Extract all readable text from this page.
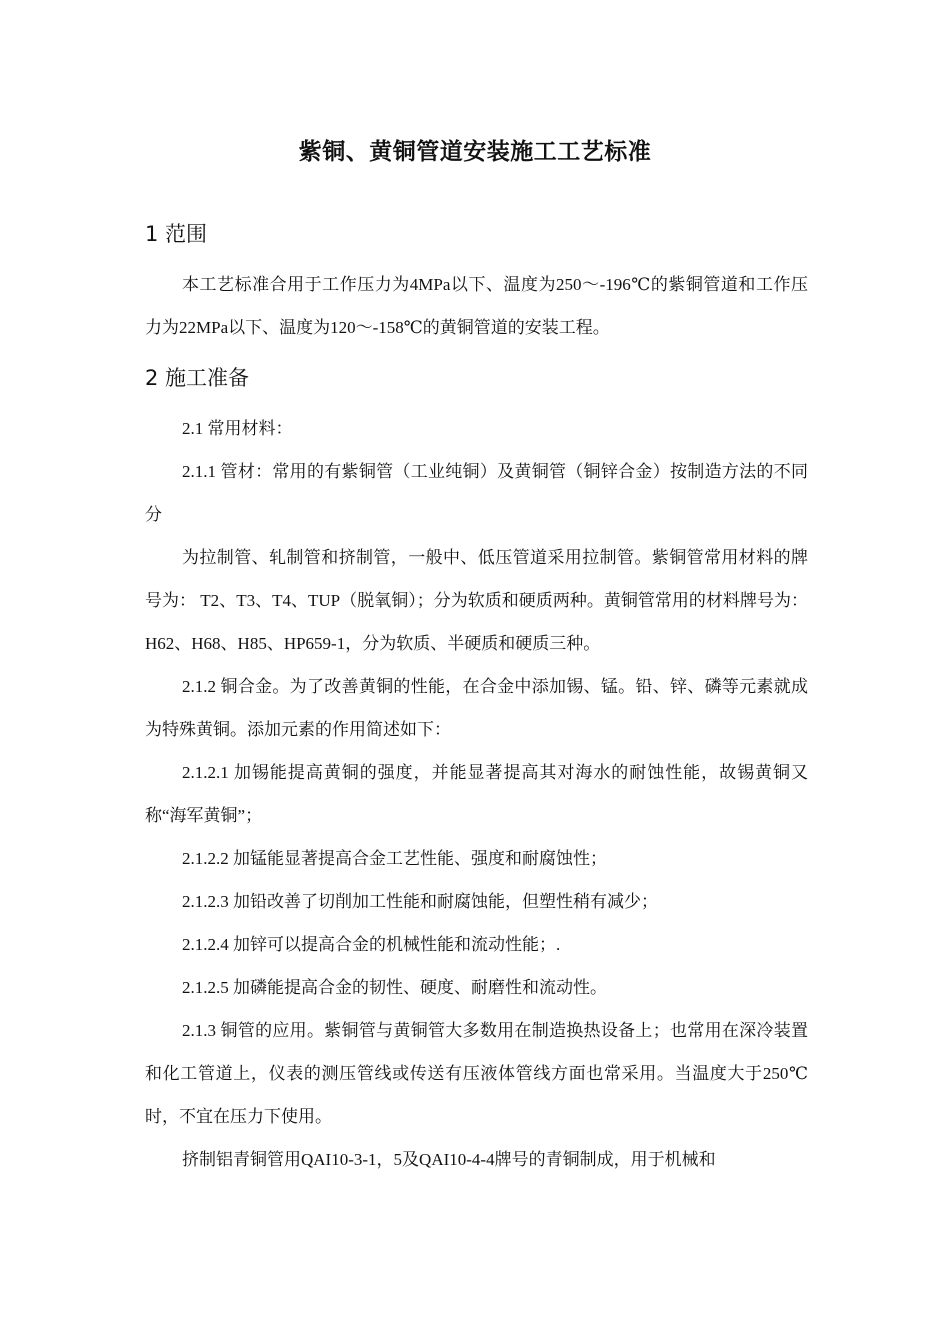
紫铜、黄铜管道安装施工工艺标准
1 范围

本工艺标准合用于工作压力为4MPa以下、温度为250～-196℃的紫铜管道和工作压力为22MPa以下、温度为120～-158℃的黄铜管道的安装工程。

2 施工准备

2.1 常用材料：

2.1.1 管材：常用的有紫铜管（工业纯铜）及黄铜管（铜锌合金）按制造方法的不同分

为拉制管、轧制管和挤制管，一般中、低压管道采用拉制管。紫铜管常用材料的牌号为： T2、T3、T4、TUP（脱氧铜）；分为软质和硬质两种。黄铜管常用的材料牌号为：H62、H68、H85、HP659-1，分为软质、半硬质和硬质三种。

2.1.2 铜合金。为了改善黄铜的性能，在合金中添加锡、锰。铅、锌、磷等元素就成为特殊黄铜。添加元素的作用简述如下：

2.1.2.1 加锡能提高黄铜的强度，并能显著提高其对海水的耐蚀性能，故锡黄铜又称“海军黄铜”；

2.1.2.2 加锰能显著提高合金工艺性能、强度和耐腐蚀性；

2.1.2.3 加铅改善了切削加工性能和耐腐蚀能，但塑性稍有减少；

2.1.2.4 加锌可以提高合金的机械性能和流动性能；.

2.1.2.5 加磷能提高合金的韧性、硬度、耐磨性和流动性。

2.1.3 铜管的应用。紫铜管与黄铜管大多数用在制造换热设备上；也常用在深冷装置和化工管道上，仪表的测压管线或传送有压液体管线方面也常采用。当温度大于250℃时，不宜在压力下使用。

挤制铝青铜管用QAI10-3-1，5及QAI10-4-4牌号的青铜制成，用于机械和
